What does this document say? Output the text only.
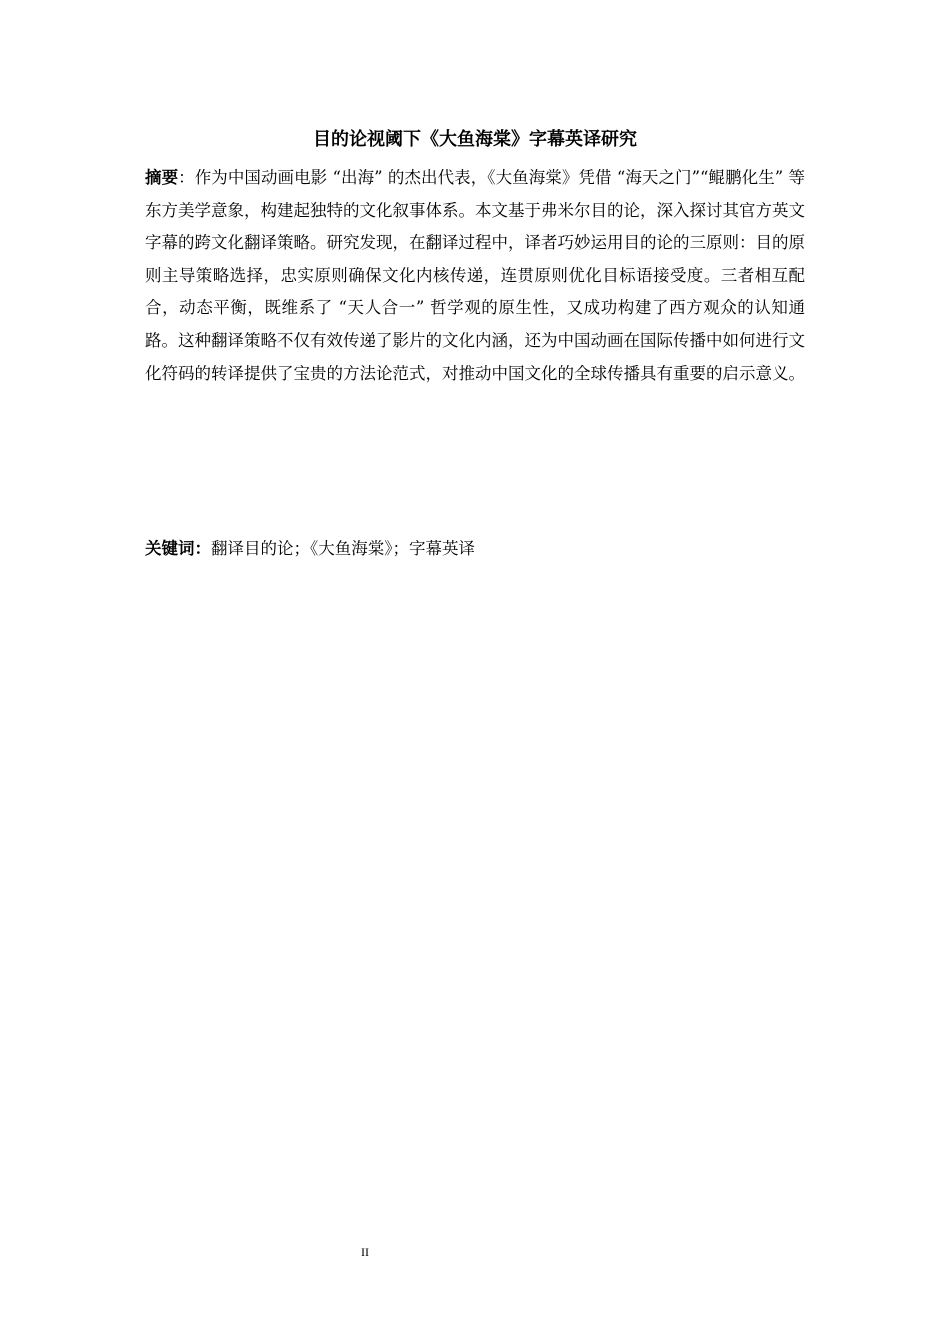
目的论视阈下《大鱼海棠》字幕英译研究
摘要：作为中国动画电影 “出海” 的杰出代表，《大鱼海棠》凭借 “海天之门”“鲲鹏化生” 等东方美学意象，构建起独特的文化叙事体系。本文基于弗米尔目的论，深入探讨其官方英文字幕的跨文化翻译策略。研究发现，在翻译过程中，译者巧妙运用目的论的三原则：目的原则主导策略选择，忠实原则确保文化内核传递，连贯原则优化目标语接受度。三者相互配合，动态平衡，既维系了 “天人合一” 哲学观的原生性，又成功构建了西方观众的认知通路。这种翻译策略不仅有效传递了影片的文化内涵，还为中国动画在国际传播中如何进行文化符码的转译提供了宝贵的方法论范式，对推动中国文化的全球传播具有重要的启示意义。
关键词：翻译目的论；《大鱼海棠》；字幕英译
II
